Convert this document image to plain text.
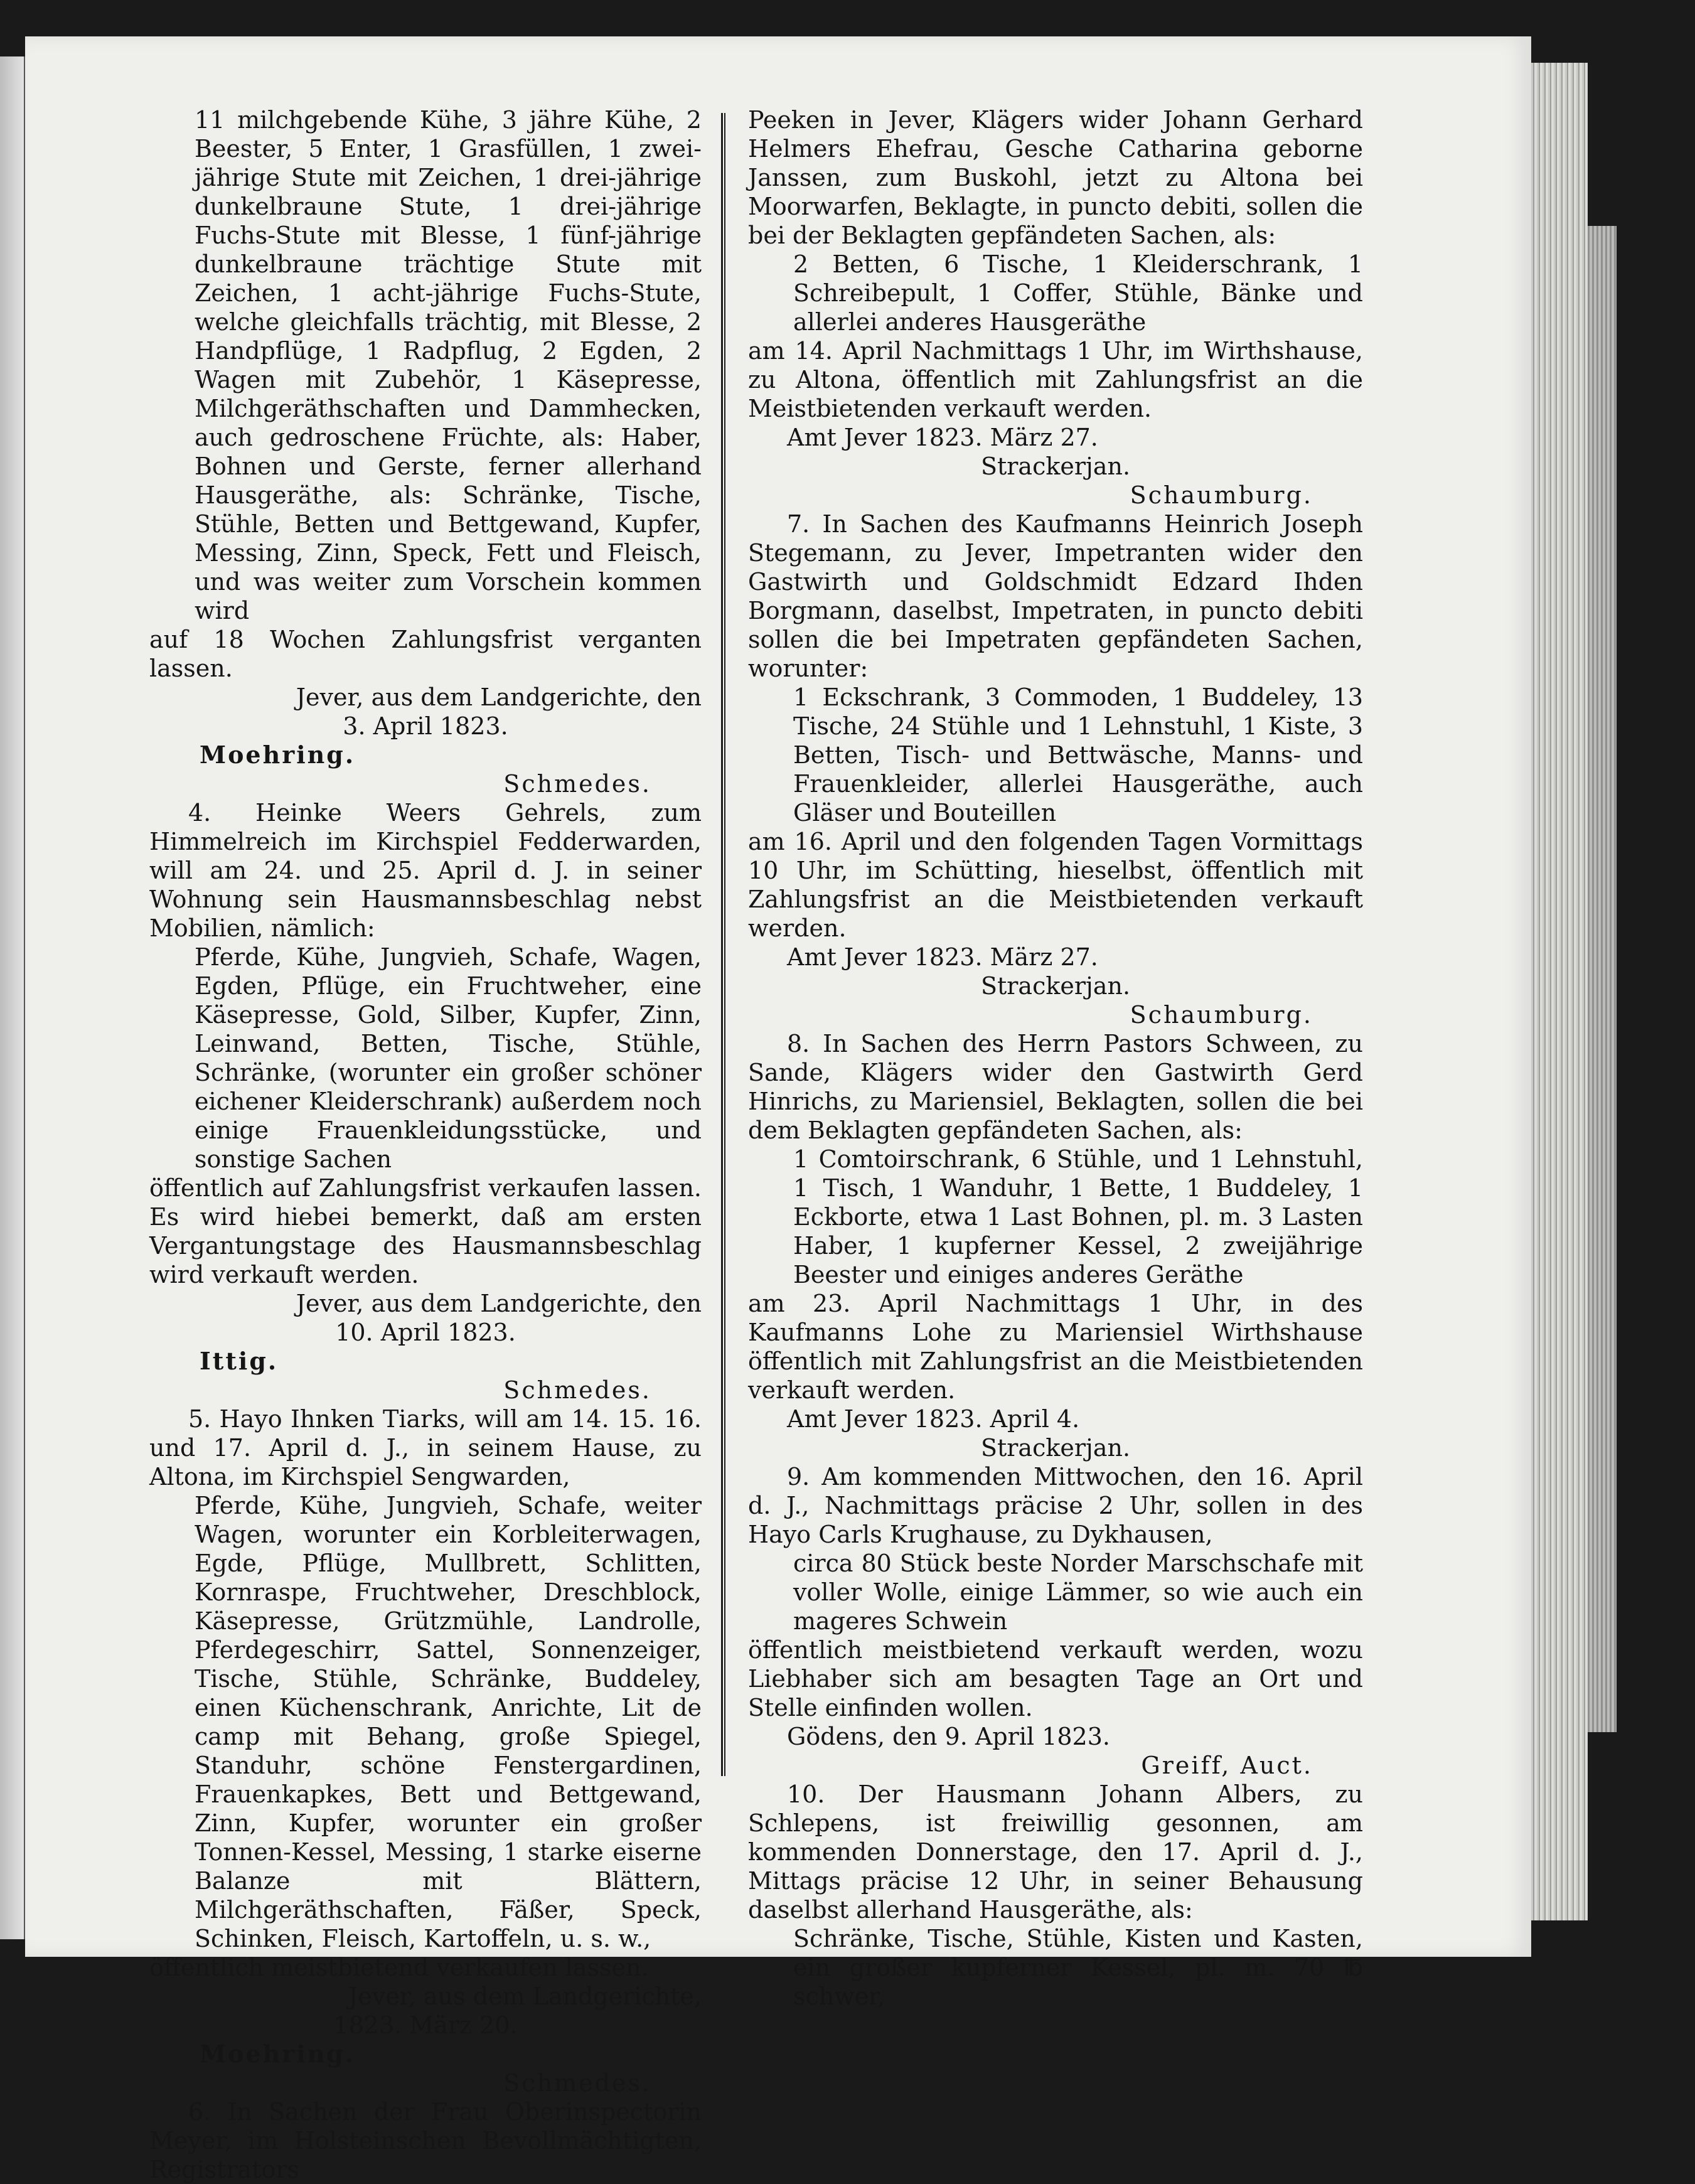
11 milchgebende Kühe, 3 jähre Kühe, 2 Beester, 5 Enter, 1 Grasfüllen, 1 zwei-jährige Stute mit Zeichen, 1 drei-jährige dunkelbraune Stute, 1 drei-jährige Fuchs-Stute mit Blesse, 1 fünf-jährige dunkelbraune trächtige Stute mit Zeichen, 1 acht-jährige Fuchs-Stute, welche gleichfalls trächtig, mit Blesse, 2 Handpflüge, 1 Radpflug, 2 Egden, 2 Wagen mit Zubehör, 1 Käsepresse, Milchgeräthschaften und Dammhecken, auch gedroschene Früchte, als: Haber, Bohnen und Gerste, ferner allerhand Hausgeräthe, als: Schränke, Tische, Stühle, Betten und Bettgewand, Kupfer, Messing, Zinn, Speck, Fett und Fleisch, und was weiter zum Vorschein kommen wird

auf 18 Wochen Zahlungsfrist verganten lassen.

Jever, aus dem Landgerichte, den

3. April 1823.

Moehring.

Schmedes.

4. Heinke Weers Gehrels, zum Himmelreich im Kirchspiel Fedderwarden, will am 24. und 25. April d. J. in seiner Wohnung sein Hausmannsbeschlag nebst Mobilien, nämlich:

Pferde, Kühe, Jungvieh, Schafe, Wagen, Egden, Pflüge, ein Fruchtweher, eine Käsepresse, Gold, Silber, Kupfer, Zinn, Leinwand, Betten, Tische, Stühle, Schränke, (worunter ein großer schöner eichener Kleiderschrank) außerdem noch einige Frauenkleidungsstücke, und sonstige Sachen

öffentlich auf Zahlungsfrist verkaufen lassen. Es wird hiebei bemerkt, daß am ersten Vergantungstage des Hausmannsbeschlag wird verkauft werden.

Jever, aus dem Landgerichte, den

10. April 1823.

Ittig.

Schmedes.

5. Hayo Ihnken Tiarks, will am 14. 15. 16. und 17. April d. J., in seinem Hause, zu Altona, im Kirchspiel Sengwarden,

Pferde, Kühe, Jungvieh, Schafe, weiter Wagen, worunter ein Korbleiterwagen, Egde, Pflüge, Mullbrett, Schlitten, Kornraspe, Fruchtweher, Dreschblock, Käsepresse, Grützmühle, Landrolle, Pferdegeschirr, Sattel, Sonnenzeiger, Tische, Stühle, Schränke, Buddeley, einen Küchenschrank, Anrichte, Lit de camp mit Behang, große Spiegel, Standuhr, schöne Fenstergardinen, Frauenkapkes, Bett und Bettgewand, Zinn, Kupfer, worunter ein großer Tonnen-Kessel, Messing, 1 starke eiserne Balanze mit Blättern, Milchgeräthschaften, Fäßer, Speck, Schinken, Fleisch, Kartoffeln, u. s. w.,

öffentlich meistbietend verkaufen lassen.

Jever, aus dem Landgerichte,

1823. März 20.

Moehring.

Schmedes.

6. In Sachen der Frau Oberinspectorin Meyer, im Holsteinschen Bevollmächtigten, Registrators

Peeken in Jever, Klägers wider Johann Gerhard Helmers Ehefrau, Gesche Catharina geborne Janssen, zum Buskohl, jetzt zu Altona bei Moorwarfen, Beklagte, in puncto debiti, sollen die bei der Beklagten gepfändeten Sachen, als:

2 Betten, 6 Tische, 1 Kleiderschrank, 1 Schreibepult, 1 Coffer, Stühle, Bänke und allerlei anderes Hausgeräthe

am 14. April Nachmittags 1 Uhr, im Wirthshause, zu Altona, öffentlich mit Zahlungsfrist an die Meistbietenden verkauft werden.

Amt Jever 1823. März 27.

Strackerjan.

Schaumburg.

7. In Sachen des Kaufmanns Heinrich Joseph Stegemann, zu Jever, Impetranten wider den Gastwirth und Goldschmidt Edzard Ihden Borgmann, daselbst, Impetraten, in puncto debiti sollen die bei Impetraten gepfändeten Sachen, worunter:

1 Eckschrank, 3 Commoden, 1 Buddeley, 13 Tische, 24 Stühle und 1 Lehnstuhl, 1 Kiste, 3 Betten, Tisch- und Bettwäsche, Manns- und Frauenkleider, allerlei Hausgeräthe, auch Gläser und Bouteillen

am 16. April und den folgenden Tagen Vormittags 10 Uhr, im Schütting, hieselbst, öffentlich mit Zahlungsfrist an die Meistbietenden verkauft werden.

Amt Jever 1823. März 27.

Strackerjan.

Schaumburg.

8. In Sachen des Herrn Pastors Schween, zu Sande, Klägers wider den Gastwirth Gerd Hinrichs, zu Mariensiel, Beklagten, sollen die bei dem Beklagten gepfändeten Sachen, als:

1 Comtoirschrank, 6 Stühle, und 1 Lehnstuhl, 1 Tisch, 1 Wanduhr, 1 Bette, 1 Buddeley, 1 Eckborte, etwa 1 Last Bohnen, pl. m. 3 Lasten Haber, 1 kupferner Kessel, 2 zweijährige Beester und einiges anderes Geräthe

am 23. April Nachmittags 1 Uhr, in des Kaufmanns Lohe zu Mariensiel Wirthshause öffentlich mit Zahlungsfrist an die Meistbietenden verkauft werden.

Amt Jever 1823. April 4.

Strackerjan.

9. Am kommenden Mittwochen, den 16. April d. J., Nachmittags präcise 2 Uhr, sollen in des Hayo Carls Krughause, zu Dykhausen,

circa 80 Stück beste Norder Marschschafe mit voller Wolle, einige Lämmer, so wie auch ein mageres Schwein

öffentlich meistbietend verkauft werden, wozu Liebhaber sich am besagten Tage an Ort und Stelle einfinden wollen.

Gödens, den 9. April 1823.

Greiff, Auct.

10. Der Hausmann Johann Albers, zu Schlepens, ist freiwillig gesonnen, am kommenden Donnerstage, den 17. April d. J., Mittags präcise 12 Uhr, in seiner Behausung daselbst allerhand Hausgeräthe, als:

Schränke, Tische, Stühle, Kisten und Kasten, ein großer kupferner Kessel, pl. m. 70 ℔ schwer,
